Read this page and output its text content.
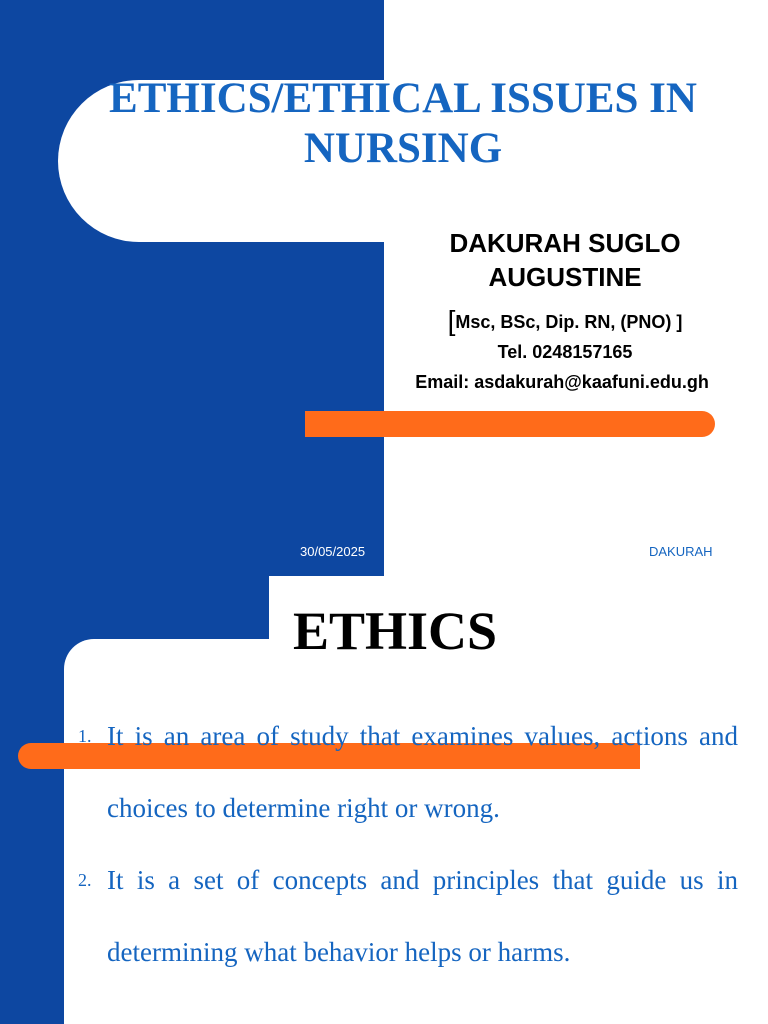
ETHICS/ETHICAL ISSUES IN NURSING
DAKURAH SUGLO AUGUSTINE
[Msc, BSc, Dip. RN, (PNO) ]
Tel. 0248157165
Email: asdakurah@kaafuni.edu.gh
30/05/2025	DAKURAH
ETHICS
1. It is an area of study that examines values, actions and choices to determine right or wrong.
2. It is a set of concepts and principles that guide us in determining what behavior helps or harms.
